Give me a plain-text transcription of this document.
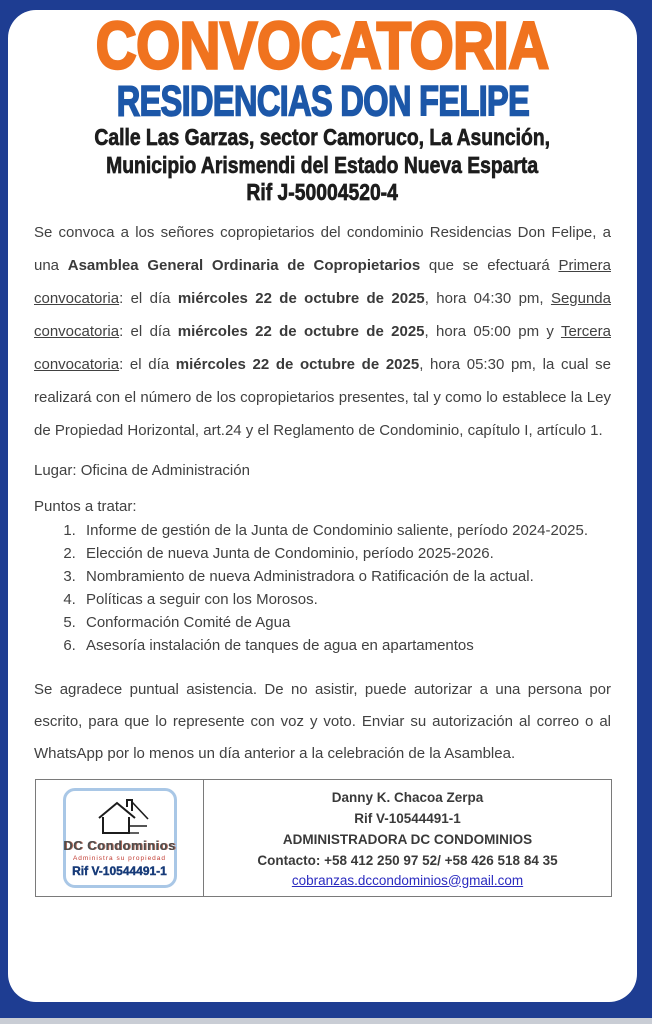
CONVOCATORIA
RESIDENCIAS DON FELIPE
Calle Las Garzas, sector Camoruco, La Asunción,
Municipio Arismendi del Estado Nueva Esparta
Rif J-50004520-4

Se convoca a los señores copropietarios del condominio Residencias Don Felipe, a una Asamblea General Ordinaria de Copropietarios que se efectuará Primera convocatoria: el día miércoles 22 de octubre de 2025, hora 04:30 pm, Segunda convocatoria: el día miércoles 22 de octubre de 2025, hora 05:00 pm y Tercera convocatoria: el día miércoles 22 de octubre de 2025, hora 05:30 pm, la cual se realizará con el número de los copropietarios presentes, tal y como lo establece la Ley de Propiedad Horizontal, art.24 y el Reglamento de Condominio, capítulo I, artículo 1.

Lugar: Oficina de Administración

Puntos a tratar:

1. Informe de gestión de la Junta de Condominio saliente, período 2024-2025.
2. Elección de nueva Junta de Condominio, período 2025-2026.
3. Nombramiento de nueva Administradora o Ratificación de la actual.
4. Políticas a seguir con los Morosos.
5. Conformación Comité de Agua
6. Asesoría instalación de tanques de agua en apartamentos

Se agradece puntual asistencia. De no asistir, puede autorizar a una persona por escrito, para que lo represente con voz y voto. Enviar su autorización al correo o al WhatsApp por lo menos un día anterior a la celebración de la Asamblea.

DC Condominios
Administra su propiedad
Rif V-10544491-1
Danny K. Chacoa Zerpa
Rif V-10544491-1
ADMINISTRADORA DC CONDOMINIOS
Contacto: +58 412 250 97 52/ +58 426 518 84 35
cobranzas.dccondominios@gmail.com
